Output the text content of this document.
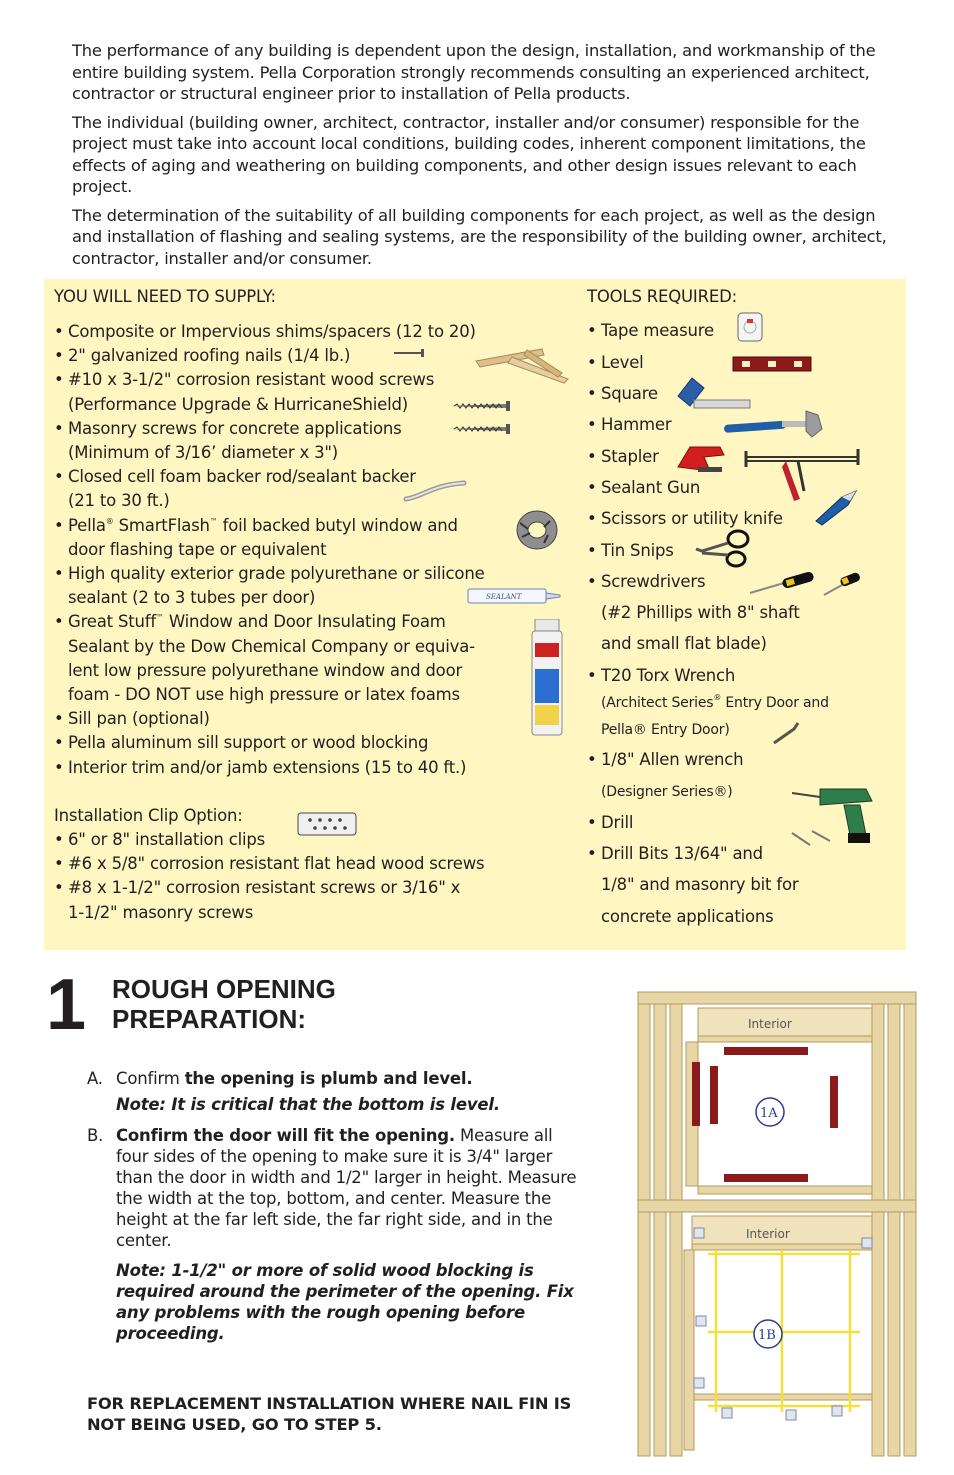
The performance of any building is dependent upon the design, installation, and workmanship of the entire building system. Pella Corporation strongly recommends consulting an experienced architect, contractor or structural engineer prior to installation of Pella products.

The individual (building owner, architect, contractor, installer and/or consumer) responsible for the project must take into account local conditions, building codes, inherent component limitations, the effects of aging and weathering on building components, and other design issues relevant to each project.

The determination of the suitability of all building components for each project, as well as the design and installation of flashing and sealing systems, are the responsibility of the building owner, architect, contractor, installer and/or consumer.

YOU WILL NEED TO SUPPLY:
• Composite or Impervious shims/spacers (12 to 20)
• 2" galvanized roofing nails (1/4 lb.)
• #10 x 3-1/2" corrosion resistant wood screws
(Performance Upgrade & HurricaneShield)
• Masonry screws for concrete applications
(Minimum of 3/16’ diameter x 3")
• Closed cell foam backer rod/sealant backer
(21 to 30 ft.)
• Pella® SmartFlash™ foil backed butyl window and
door flashing tape or equivalent
• High quality exterior grade polyurethane or silicone
sealant (2 to 3 tubes per door)
• Great Stuff™ Window and Door Insulating Foam
Sealant by the Dow Chemical Company or equiva-
lent low pressure polyurethane window and door
foam - DO NOT use high pressure or latex foams
• Sill pan (optional)
• Pella aluminum sill support or wood blocking
• Interior trim and/or jamb extensions (15 to 40 ft.)
Installation Clip Option:
• 6" or 8" installation clips
• #6 x 5/8" corrosion resistant flat head wood screws
• #8 x 1-1/2" corrosion resistant screws or 3/16" x
1-1/2" masonry screws
SEALANT
TOOLS REQUIRED:
• Tape measure
• Level
• Square
• Hammer
• Stapler
• Sealant Gun
• Scissors or utility knife
• Tin Snips
• Screwdrivers
(#2 Phillips with 8" shaft
and small flat blade)
• T20 Torx Wrench
(Architect Series® Entry Door and
Pella® Entry Door)
• 1/8" Allen wrench
(Designer Series®)
• Drill
• Drill Bits 13/64" and
1/8" and masonry bit for
concrete applications
1 ROUGH OPENING
PREPARATION:
A. Confirm the opening is plumb and level.
Note: It is critical that the bottom is level.
B. Confirm the door will fit the opening. Measure all four sides of the opening to make sure it is 3/4" larger than the door in width and 1/2" larger in height. Measure the width at the top, bottom, and center. Measure the height at the far left side, the far right side, and in the center.
Note: 1-1/2" or more of solid wood blocking is required around the perimeter of the opening. Fix any problems with the rough opening before proceeding.
FOR REPLACEMENT INSTALLATION WHERE NAIL FIN IS NOT BEING USED, GO TO STEP 5.
Interior
1A
Interior
1B
